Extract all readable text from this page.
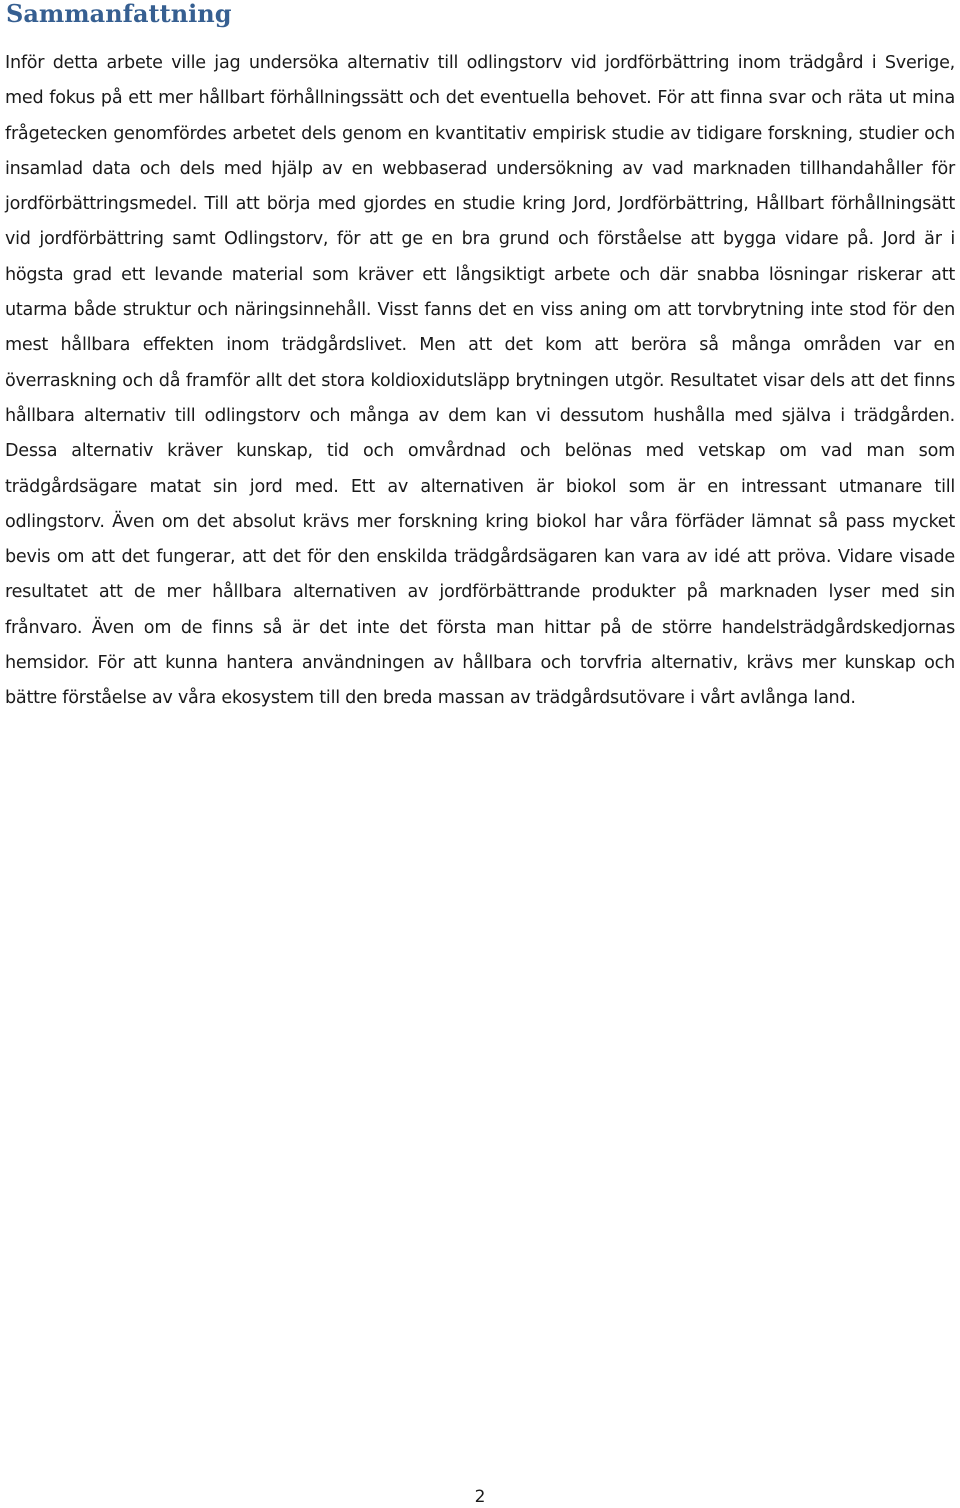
Sammanfattning

Inför detta arbete ville jag undersöka alternativ till odlingstorv vid jordförbättring inom trädgård i Sverige, med fokus på ett mer hållbart förhållningssätt och det eventuella behovet. För att finna svar och räta ut mina frågetecken genomfördes arbetet dels genom en kvantitativ empirisk studie av tidigare forskning, studier och insamlad data och dels med hjälp av en webbaserad undersökning av vad marknaden tillhandahåller för jordförbättringsmedel. Till att börja med gjordes en studie kring Jord, Jordförbättring, Hållbart förhållningsätt vid jordförbättring samt Odlingstorv, för att ge en bra grund och förståelse att bygga vidare på. Jord är i högsta grad ett levande material som kräver ett långsiktigt arbete och där snabba lösningar riskerar att utarma både struktur och näringsinnehåll. Visst fanns det en viss aning om att torvbrytning inte stod för den mest hållbara effekten inom trädgårdslivet. Men att det kom att beröra så många områden var en överraskning och då framför allt det stora koldioxidutsläpp brytningen utgör. Resultatet visar dels att det finns hållbara alternativ till odlingstorv och många av dem kan vi dessutom hushålla med själva i trädgården. Dessa alternativ kräver kunskap, tid och omvårdnad och belönas med vetskap om vad man som trädgårdsägare matat sin jord med. Ett av alternativen är biokol som är en intressant utmanare till odlingstorv. Även om det absolut krävs mer forskning kring biokol har våra förfäder lämnat så pass mycket bevis om att det fungerar, att det för den enskilda trädgårdsägaren kan vara av idé att pröva. Vidare visade resultatet att de mer hållbara alternativen av jordförbättrande produkter på marknaden lyser med sin frånvaro. Även om de finns så är det inte det första man hittar på de större handelsträdgårdskedjornas hemsidor. För att kunna hantera användningen av hållbara och torvfria alternativ, krävs mer kunskap och bättre förståelse av våra ekosystem till den breda massan av trädgårdsutövare i vårt avlånga land.

2
